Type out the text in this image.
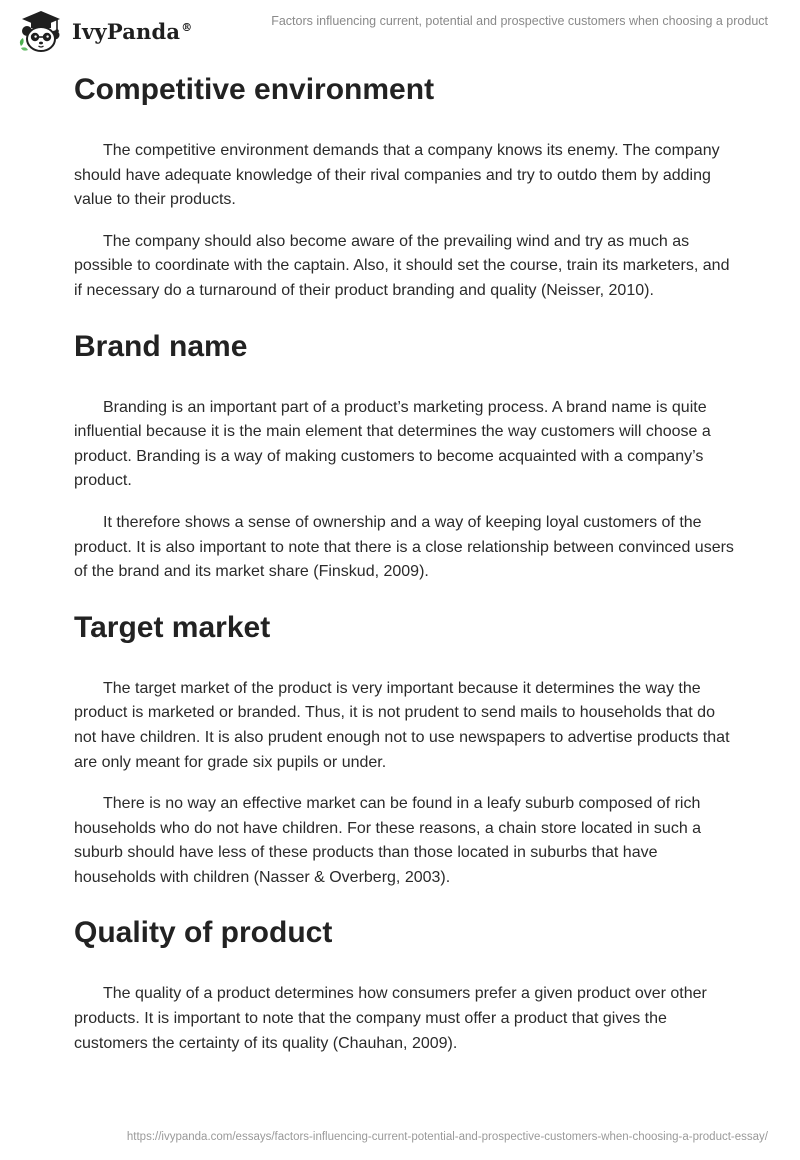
IvyPanda®	Factors influencing current, potential and prospective customers when choosing a product
Competitive environment

The competitive environment demands that a company knows its enemy. The company should have adequate knowledge of their rival companies and try to outdo them by adding value to their products.

The company should also become aware of the prevailing wind and try as much as possible to coordinate with the captain. Also, it should set the course, train its marketers, and if necessary do a turnaround of their product branding and quality (Neisser, 2010).

Brand name

Branding is an important part of a product’s marketing process. A brand name is quite influential because it is the main element that determines the way customers will choose a product. Branding is a way of making customers to become acquainted with a company’s product.

It therefore shows a sense of ownership and a way of keeping loyal customers of the product. It is also important to note that there is a close relationship between convinced users of the brand and its market share (Finskud, 2009).

Target market

The target market of the product is very important because it determines the way the product is marketed or branded. Thus, it is not prudent to send mails to households that do not have children. It is also prudent enough not to use newspapers to advertise products that are only meant for grade six pupils or under.

There is no way an effective market can be found in a leafy suburb composed of rich households who do not have children. For these reasons, a chain store located in such a suburb should have less of these products than those located in suburbs that have households with children (Nasser & Overberg, 2003).

Quality of product

The quality of a product determines how consumers prefer a given product over other products. It is important to note that the company must offer a product that gives the customers the certainty of its quality (Chauhan, 2009).

https://ivypanda.com/essays/factors-influencing-current-potential-and-prospective-customers-when-choosing-a-product-essay/
